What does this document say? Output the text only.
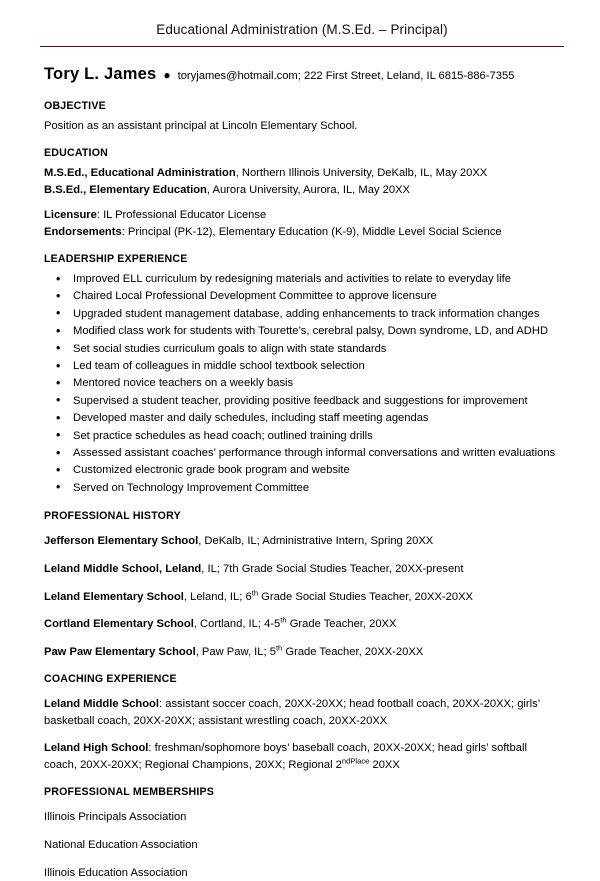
Educational Administration (M.S.Ed. – Principal)
Tory L. James ● toryjames@hotmail.com; 222 First Street, Leland, IL 6815-886-7355
OBJECTIVE

Position as an assistant principal at Lincoln Elementary School.

EDUCATION

M.S.Ed., Educational Administration, Northern Illinois University, DeKalb, IL, May 20XX

B.S.Ed., Elementary Education, Aurora University, Aurora, IL, May 20XX

Licensure: IL Professional Educator License

Endorsements: Principal (PK-12), Elementary Education (K-9), Middle Level Social Science

LEADERSHIP EXPERIENCE
• Improved ELL curriculum by redesigning materials and activities to relate to everyday life
• Chaired Local Professional Development Committee to approve licensure
• Upgraded student management database, adding enhancements to track information changes
• Modified class work for students with Tourette’s, cerebral palsy, Down syndrome, LD, and ADHD
• Set social studies curriculum goals to align with state standards
• Led team of colleagues in middle school textbook selection
• Mentored novice teachers on a weekly basis
• Supervised a student teacher, providing positive feedback and suggestions for improvement
• Developed master and daily schedules, including staff meeting agendas
• Set practice schedules as head coach; outlined training drills
• Assessed assistant coaches’ performance through informal conversations and written evaluations
• Customized electronic grade book program and website
• Served on Technology Improvement Committee
PROFESSIONAL HISTORY

Jefferson Elementary School, DeKalb, IL; Administrative Intern, Spring 20XX

Leland Middle School, Leland, IL; 7th Grade Social Studies Teacher, 20XX-present

Leland Elementary School, Leland, IL; 6th Grade Social Studies Teacher, 20XX-20XX

Cortland Elementary School, Cortland, IL; 4-5th Grade Teacher, 20XX

Paw Paw Elementary School, Paw Paw, IL; 5th Grade Teacher, 20XX-20XX

COACHING EXPERIENCE

Leland Middle School: assistant soccer coach, 20XX-20XX; head football coach, 20XX-20XX; girls’ basketball coach, 20XX-20XX; assistant wrestling coach, 20XX-20XX

Leland High School: freshman/sophomore boys’ baseball coach, 20XX-20XX; head girls’ softball coach, 20XX-20XX; Regional Champions, 20XX; Regional $2^{ndPlace}$ 20XX

PROFESSIONAL MEMBERSHIPS

Illinois Principals Association

National Education Association

Illinois Education Association
